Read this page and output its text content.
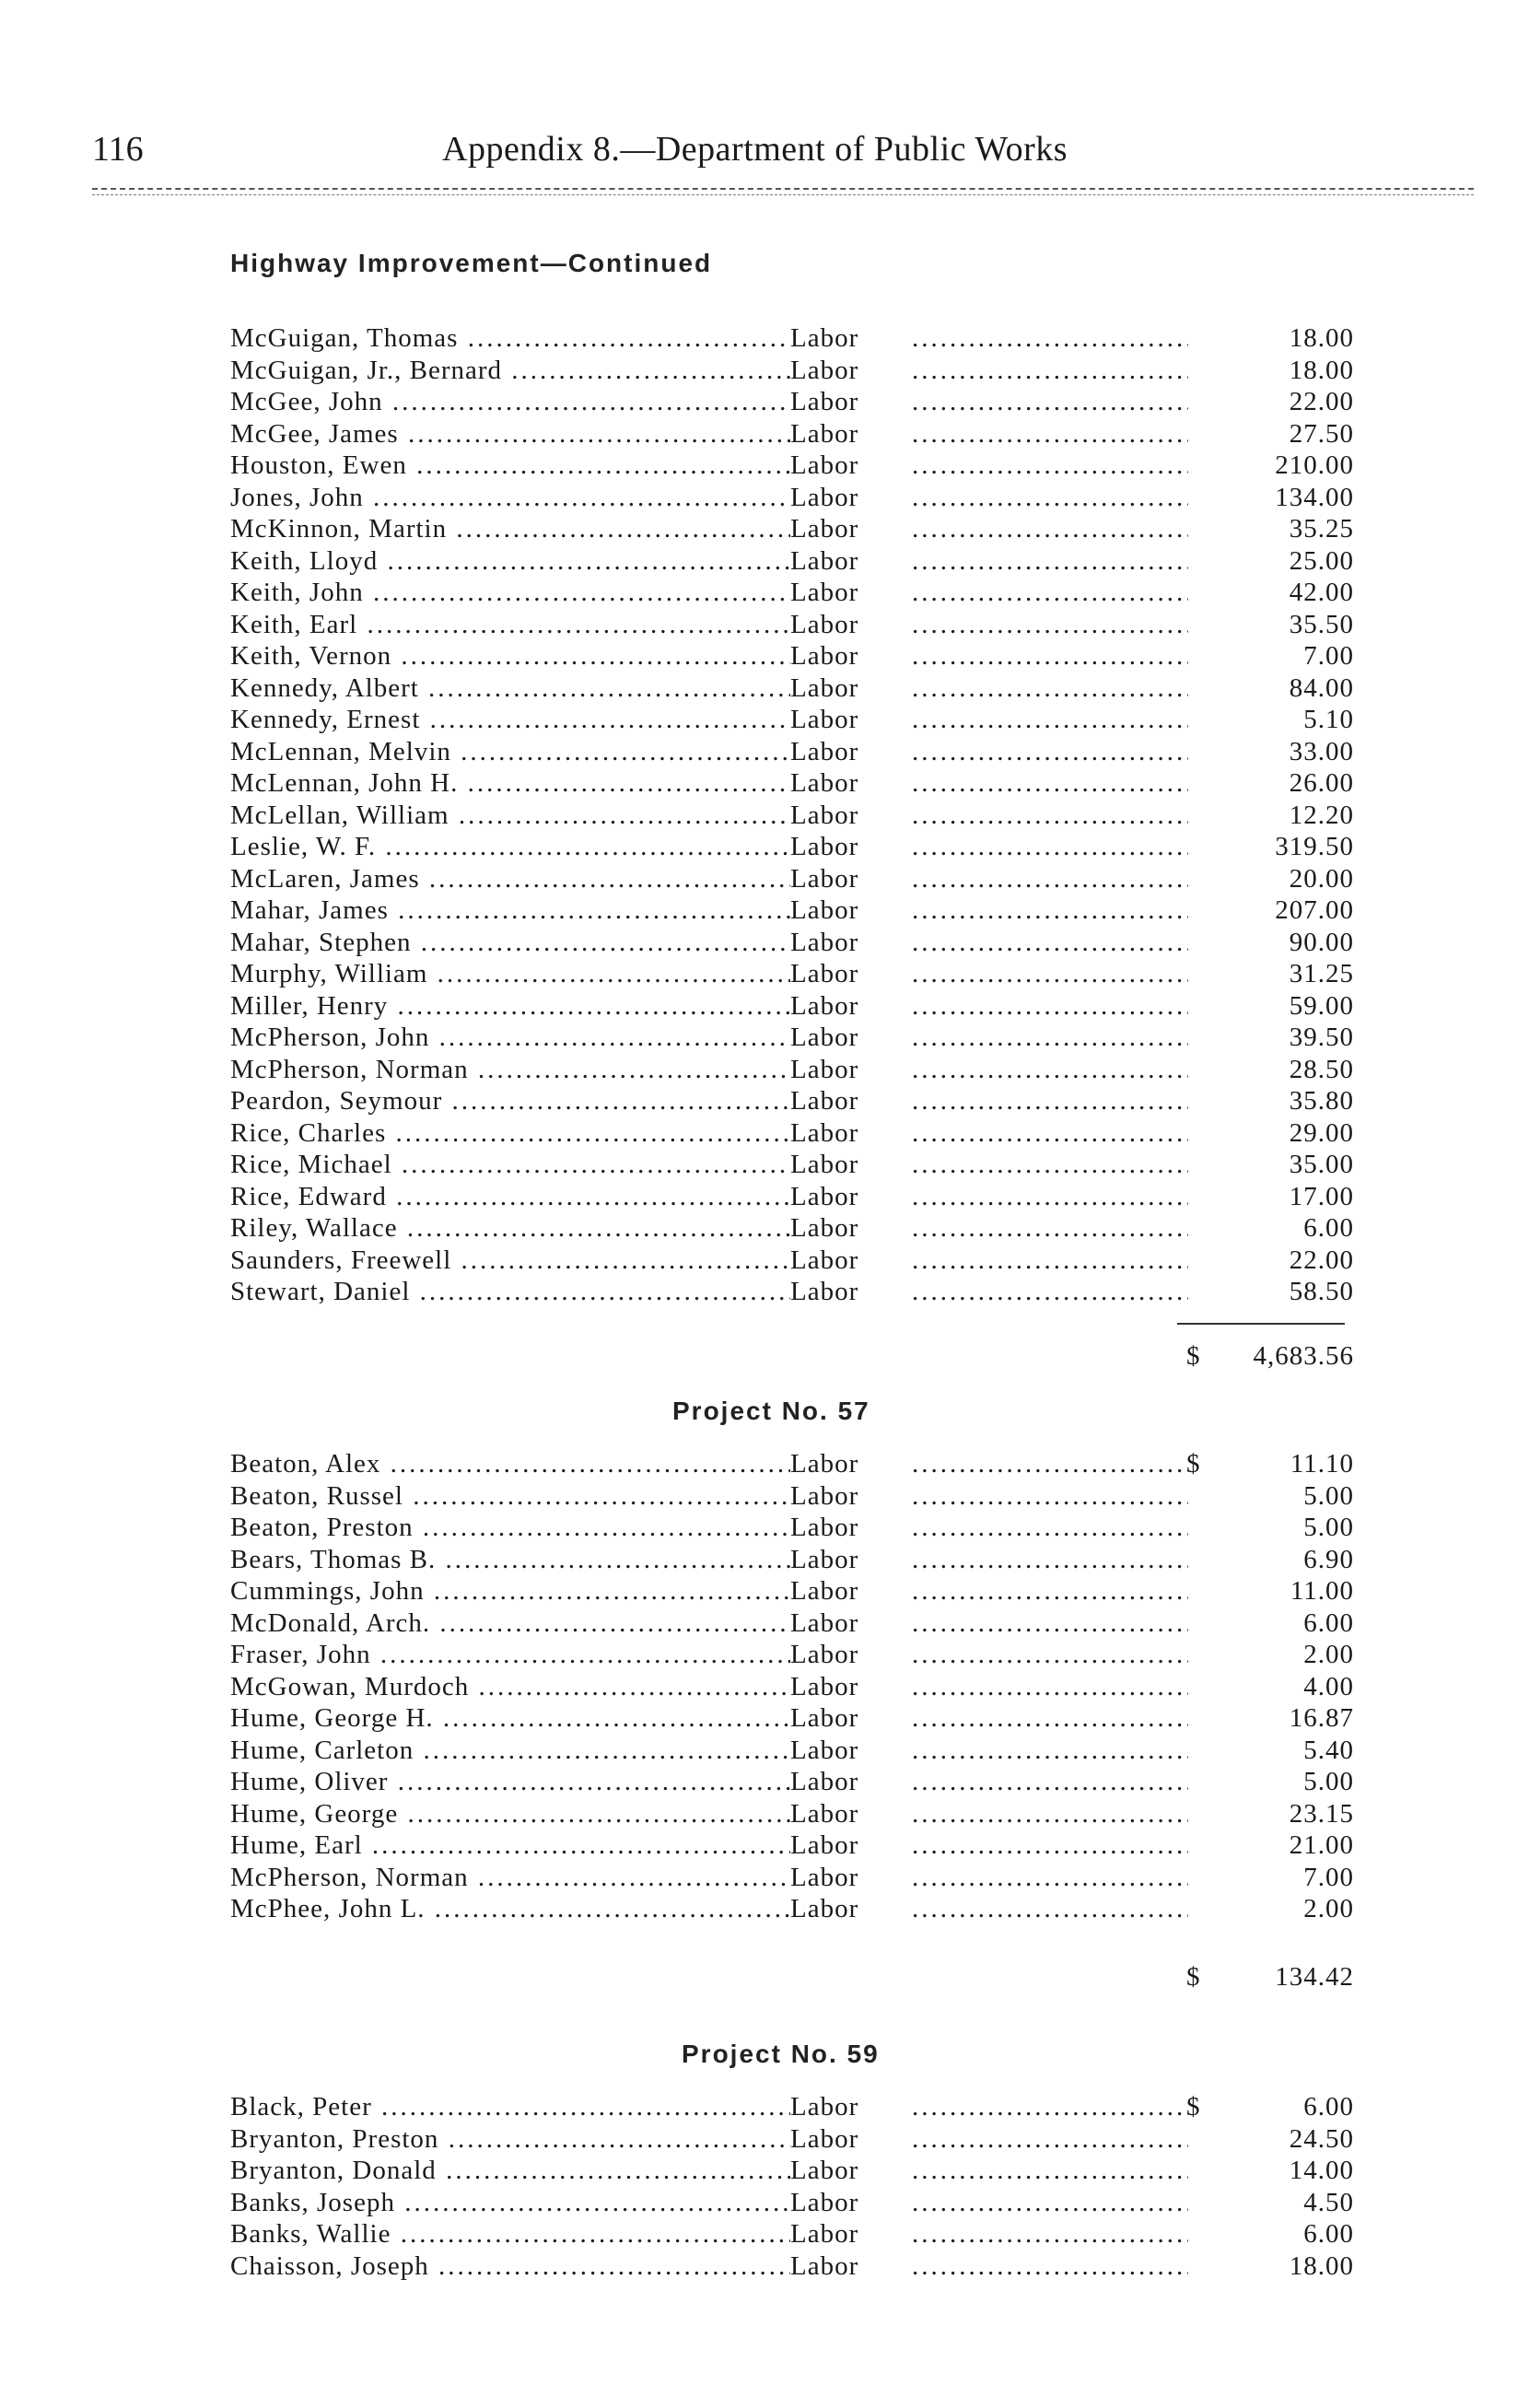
116	Appendix 8.—Department of Public Works
Highway Improvement—Continued
McGuigan, Thomas .....	Labor .....	18.00
McGuigan, Jr., Bernard .....	Labor .....	18.00
McGee, John .....	Labor .....	22.00
McGee, James .....	Labor .....	27.50
Houston, Ewen .....	Labor .....	210.00
Jones, John .....	Labor .....	134.00
McKinnon, Martin .....	Labor .....	35.25
Keith, Lloyd .....	Labor .....	25.00
Keith, John .....	Labor .....	42.00
Keith, Earl .....	Labor .....	35.50
Keith, Vernon .....	Labor .....	7.00
Kennedy, Albert .....	Labor .....	84.00
Kennedy, Ernest .....	Labor .....	5.10
McLennan, Melvin .....	Labor .....	33.00
McLennan, John H. .....	Labor .....	26.00
McLellan, William .....	Labor .....	12.20
Leslie, W. F. .....	Labor .....	319.50
McLaren, James .....	Labor .....	20.00
Mahar, James .....	Labor .....	207.00
Mahar, Stephen .....	Labor .....	90.00
Murphy, William .....	Labor .....	31.25
Miller, Henry .....	Labor .....	59.00
McPherson, John .....	Labor .....	39.50
McPherson, Norman .....	Labor .....	28.50
Peardon, Seymour .....	Labor .....	35.80
Rice, Charles .....	Labor .....	29.00
Rice, Michael .....	Labor .....	35.00
Rice, Edward .....	Labor .....	17.00
Riley, Wallace .....	Labor .....	6.00
Saunders, Freewell .....	Labor .....	22.00
Stewart, Daniel .....	Labor .....	58.50
$ 4,683.56
Project No. 57
Beaton, Alex .....	Labor .....	$	11.10
Beaton, Russel .....	Labor .....	5.00
Beaton, Preston .....	Labor .....	5.00
Bears, Thomas B. .....	Labor .....	6.90
Cummings, John .....	Labor .....	11.00
McDonald, Arch. .....	Labor .....	6.00
Fraser, John .....	Labor .....	2.00
McGowan, Murdoch .....	Labor .....	4.00
Hume, George H. .....	Labor .....	16.87
Hume, Carleton .....	Labor .....	5.40
Hume, Oliver .....	Labor .....	5.00
Hume, George .....	Labor .....	23.15
Hume, Earl .....	Labor .....	21.00
McPherson, Norman .....	Labor .....	7.00
McPhee, John L. .....	Labor .....	2.00
$	134.42
Project No. 59
Black, Peter .....	Labor .....	$	6.00
Bryanton, Preston .....	Labor .....	24.50
Bryanton, Donald .....	Labor .....	14.00
Banks, Joseph .....	Labor .....	4.50
Banks, Wallie .....	Labor .....	6.00
Chaisson, Joseph .....	Labor .....	18.00
